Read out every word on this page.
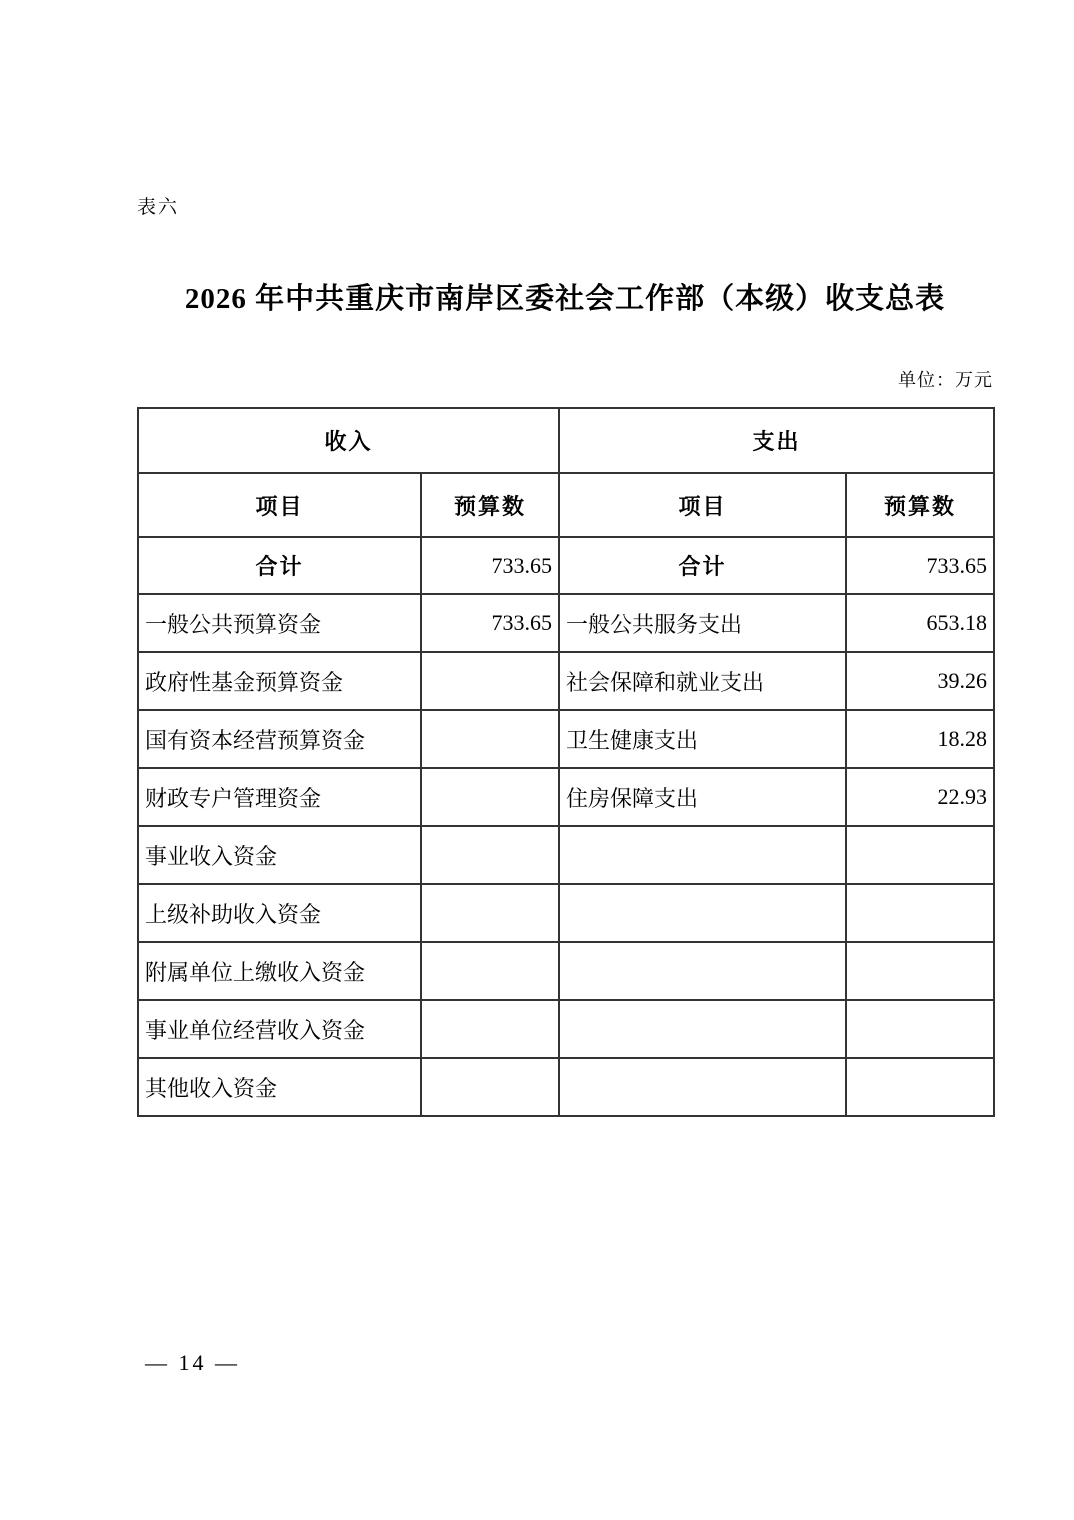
表六
2026 年中共重庆市南岸区委社会工作部（本级）收支总表
单位：万元
收入		支出	
项目	预算数	项目	预算数
合计	733.65	合计	733.65
一般公共预算资金	733.65	一般公共服务支出	653.18
政府性基金预算资金		社会保障和就业支出	39.26
国有资本经营预算资金		卫生健康支出	18.28
财政专户管理资金		住房保障支出	22.93
事业收入资金			
上级补助收入资金			
附属单位上缴收入资金			
事业单位经营收入资金			
其他收入资金			
— 14 —
